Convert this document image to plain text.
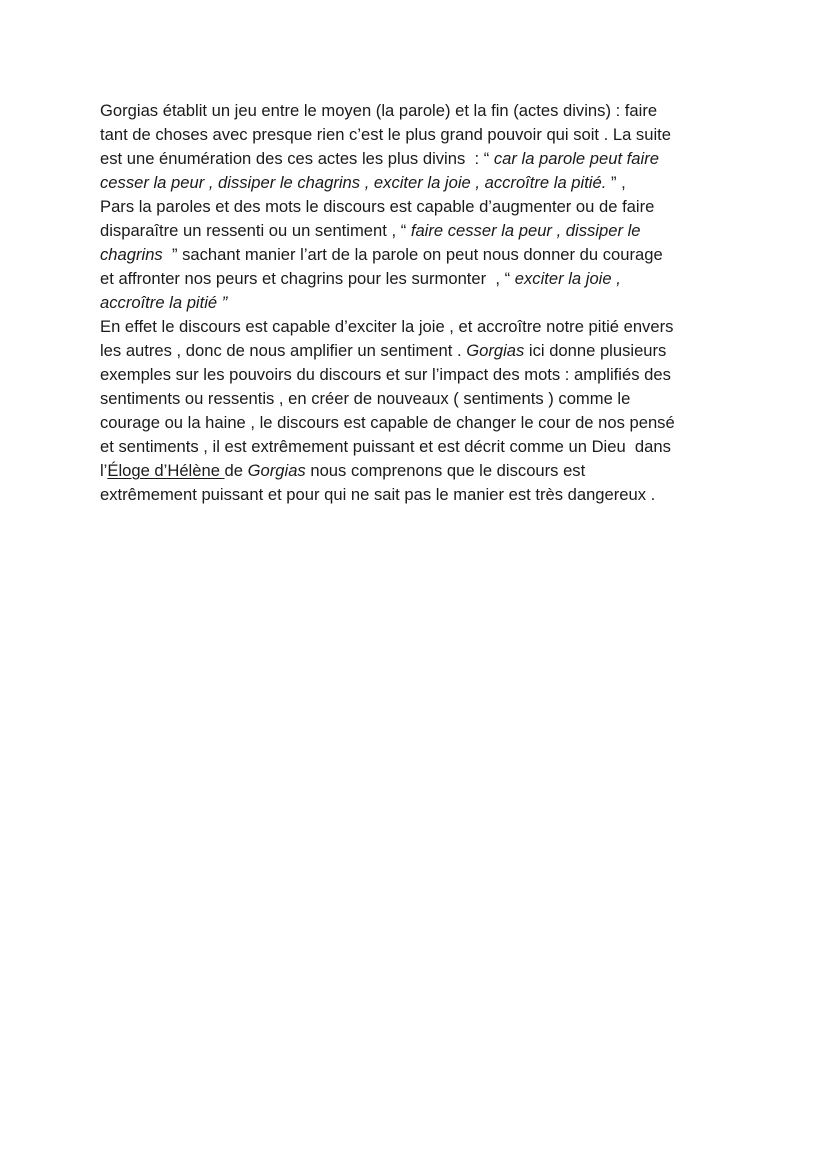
Gorgias établit un jeu entre le moyen (la parole) et la fin (actes divins) : faire
tant de choses avec presque rien c’est le plus grand pouvoir qui soit . La suite
est une énumération des ces actes les plus divins  : “ car la parole peut faire
cesser la peur , dissiper le chagrins , exciter la joie , accroître la pitié. ” ,
Pars la paroles et des mots le discours est capable d’augmenter ou de faire
disparaître un ressenti ou un sentiment , “ faire cesser la peur , dissiper le
chagrins  ” sachant manier l’art de la parole on peut nous donner du courage
et affronter nos peurs et chagrins pour les surmonter  , “ exciter la joie ,
accroître la pitié ”
En effet le discours est capable d’exciter la joie , et accroître notre pitié envers
les autres , donc de nous amplifier un sentiment . Gorgias ici donne plusieurs
exemples sur les pouvoirs du discours et sur l’impact des mots : amplifiés des
sentiments ou ressentis , en créer de nouveaux ( sentiments ) comme le
courage ou la haine , le discours est capable de changer le cour de nos pensé
et sentiments , il est extrêmement puissant et est décrit comme un Dieu  dans
l’Éloge d’Hélène de Gorgias nous comprenons que le discours est
extrêmement puissant et pour qui ne sait pas le manier est très dangereux .
